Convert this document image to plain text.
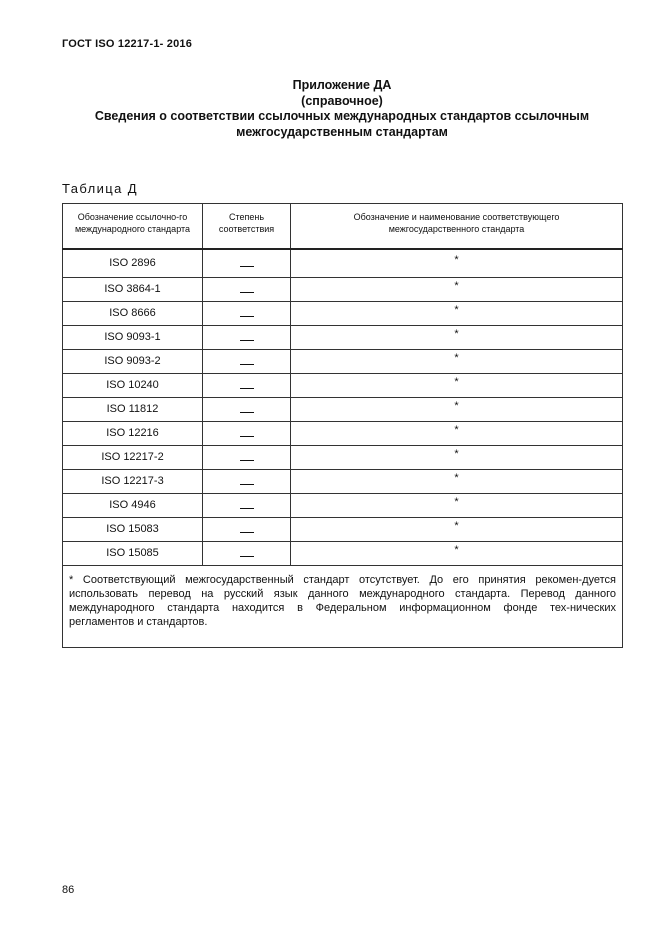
ГОСТ ISO 12217-1- 2016
Приложение ДА
(справочное)
Сведения о соответствии ссылочных международных стандартов ссылочным
межгосударственным стандартам
Таблица Д
Обозначение ссылочно-го международного стандарта	Степень соответствия	Обозначение и наименование соответствующего межгосударственного стандарта
ISO 2896		*
ISO 3864-1		*
ISO 8666		*
ISO 9093-1		*
ISO 9093-2		*
ISO 10240		*
ISO 11812		*
ISO 12216		*
ISO 12217-2		*
ISO 12217-3		*
ISO 4946		*
ISO 15083		*
ISO 15085		*
* Соответствующий межгосударственный стандарт отсутствует. До его принятия рекомен-дуется использовать перевод на русский язык данного международного стандарта. Перевод данного международного стандарта находится в Федеральном информационном фонде тех-нических регламентов и стандартов.		
86
